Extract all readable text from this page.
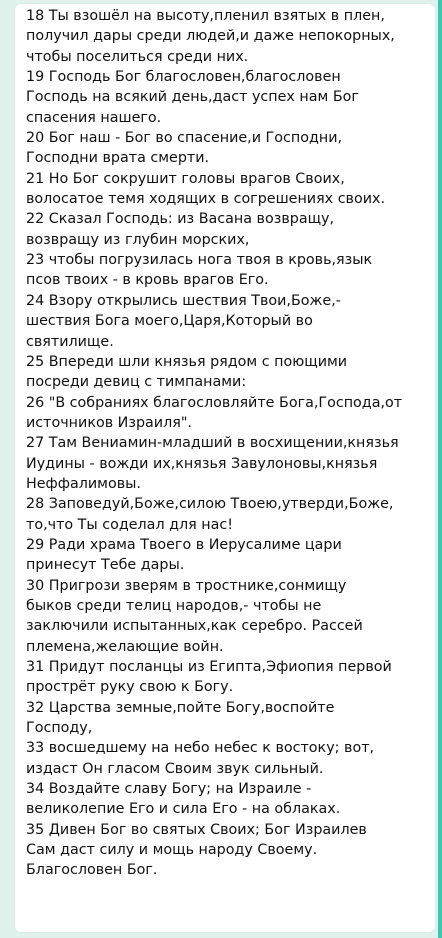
18 Ты взошёл на высоту,пленил взятых в плен,
получил дары среди людей,и даже непокорных,
чтобы поселиться среди них.

19 Господь Бог благословен,благословен
Господь на всякий день,даст успех нам Бог
спасения нашего.

20 Бог наш - Бог во спасение,и Господни,
Господни врата смерти.

21 Но Бог сокрушит головы врагов Своих,
волосатое темя ходящих в согрешениях своих.

22 Сказал Господь: из Васана возвращу,
возвращу из глубин морских,

23 чтобы погрузилась нога твоя в кровь,язык
псов твоих - в кровь врагов Его.

24 Взору открылись шествия Твои,Боже,-
шествия Бога моего,Царя,Который во
святилище.

25 Впереди шли князья рядом с поющими
посреди девиц с тимпанами:

26 "В собраниях благословляйте Бога,Господа,от
источников Израиля".

27 Там Вениамин-младший в восхищении,князья
Иудины - вожди их,князья Завулоновы,князья
Неффалимовы.

28 Заповедуй,Боже,силою Твоею,утверди,Боже,
то,что Ты соделал для нас!

29 Ради храма Твоего в Иерусалиме цари
принесут Тебе дары.

30 Пригрози зверям в тростнике,сонмищу
быков среди телиц народов,- чтобы не
заключили испытанных,как серебро. Рассей
племена,желающие войн.

31 Придут посланцы из Египта,Эфиопия первой
прострёт руку свою к Богу.

32 Царства земные,пойте Богу,воспойте
Господу,

33 восшедшему на небо небес к востоку; вот,
издаст Он гласом Своим звук сильный.

34 Воздайте славу Богу; на Израиле -
великолепие Его и сила Его - на облаках.

35 Дивен Бог во святых Своих; Бог Израилев
Сам даст силу и мощь народу Своему.
Благословен Бог.
